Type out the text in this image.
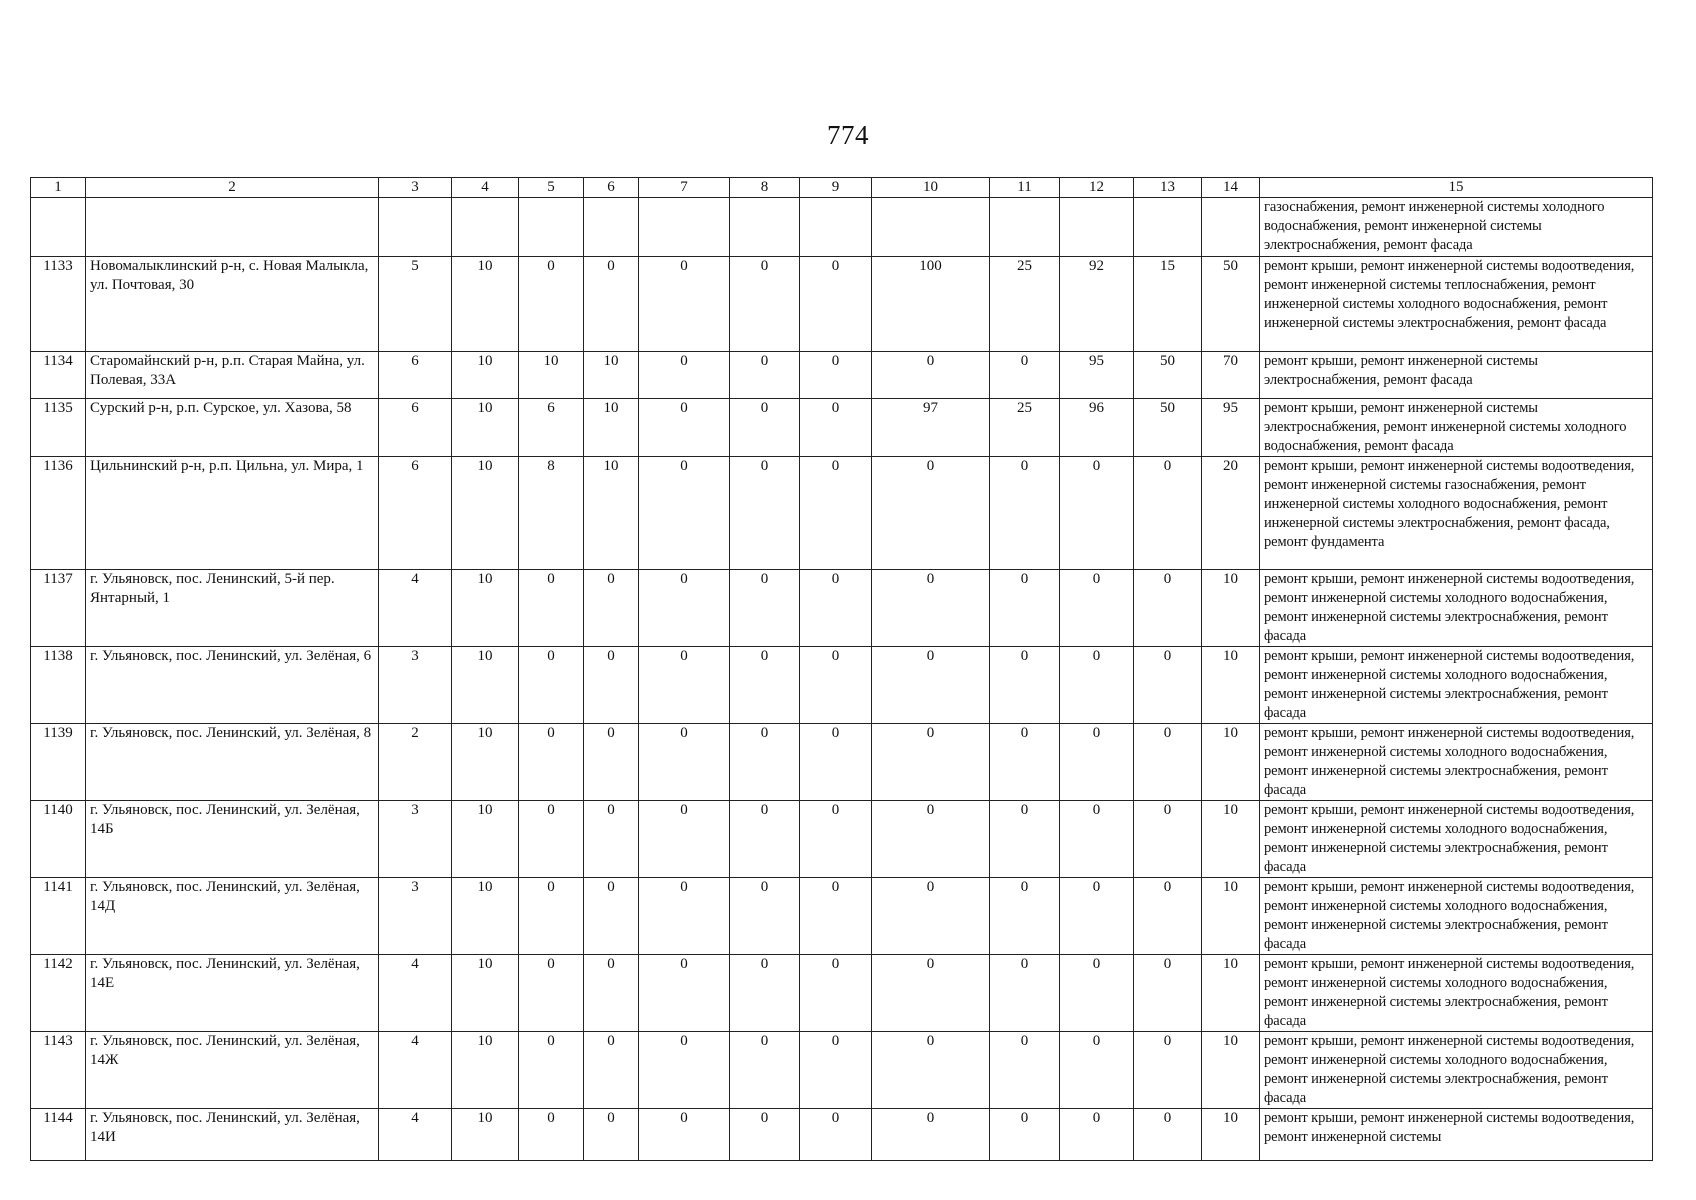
774
1	2	3	4	5	6	7	8	9	10	11	12	13	14	15
														газоснабжения, ремонт инженерной системы холодного водоснабжения, ремонт инженерной системы электроснабжения, ремонт фасада
1133	Новомалыклинский р-н, с. Новая Малыкла, ул. Почтовая, 30	5	10	0	0	0	0	0	100	25	92	15	50	ремонт крыши, ремонт инженерной системы водоотведения, ремонт инженерной системы теплоснабжения, ремонт инженерной системы холодного водоснабжения, ремонт инженерной системы электроснабжения, ремонт фасада
1134	Старомайнский р-н, р.п. Старая Майна, ул. Полевая, 33А	6	10	10	10	0	0	0	0	0	95	50	70	ремонт крыши, ремонт инженерной системы электроснабжения, ремонт фасада
1135	Сурский р-н, р.п. Сурское, ул. Хазова, 58	6	10	6	10	0	0	0	97	25	96	50	95	ремонт крыши, ремонт инженерной системы электроснабжения, ремонт инженерной системы холодного водоснабжения, ремонт фасада
1136	Цильнинский р-н, р.п. Цильна, ул. Мира, 1	6	10	8	10	0	0	0	0	0	0	0	20	ремонт крыши, ремонт инженерной системы водоотведения, ремонт инженерной системы газоснабжения, ремонт инженерной системы холодного водоснабжения, ремонт инженерной системы электроснабжения, ремонт фасада, ремонт фундамента
1137	г. Ульяновск, пос. Ленинский, 5-й пер. Янтарный, 1	4	10	0	0	0	0	0	0	0	0	0	10	ремонт крыши, ремонт инженерной системы водоотведения, ремонт инженерной системы холодного водоснабжения, ремонт инженерной системы электроснабжения, ремонт фасада
1138	г. Ульяновск, пос. Ленинский, ул. Зелёная, 6	3	10	0	0	0	0	0	0	0	0	0	10	ремонт крыши, ремонт инженерной системы водоотведения, ремонт инженерной системы холодного водоснабжения, ремонт инженерной системы электроснабжения, ремонт фасада
1139	г. Ульяновск, пос. Ленинский, ул. Зелёная, 8	2	10	0	0	0	0	0	0	0	0	0	10	ремонт крыши, ремонт инженерной системы водоотведения, ремонт инженерной системы холодного водоснабжения, ремонт инженерной системы электроснабжения, ремонт фасада
1140	г. Ульяновск, пос. Ленинский, ул. Зелёная, 14Б	3	10	0	0	0	0	0	0	0	0	0	10	ремонт крыши, ремонт инженерной системы водоотведения, ремонт инженерной системы холодного водоснабжения, ремонт инженерной системы электроснабжения, ремонт фасада
1141	г. Ульяновск, пос. Ленинский, ул. Зелёная, 14Д	3	10	0	0	0	0	0	0	0	0	0	10	ремонт крыши, ремонт инженерной системы водоотведения, ремонт инженерной системы холодного водоснабжения, ремонт инженерной системы электроснабжения, ремонт фасада
1142	г. Ульяновск, пос. Ленинский, ул. Зелёная, 14Е	4	10	0	0	0	0	0	0	0	0	0	10	ремонт крыши, ремонт инженерной системы водоотведения, ремонт инженерной системы холодного водоснабжения, ремонт инженерной системы электроснабжения, ремонт фасада
1143	г. Ульяновск, пос. Ленинский, ул. Зелёная, 14Ж	4	10	0	0	0	0	0	0	0	0	0	10	ремонт крыши, ремонт инженерной системы водоотведения, ремонт инженерной системы холодного водоснабжения, ремонт инженерной системы электроснабжения, ремонт фасада
1144	г. Ульяновск, пос. Ленинский, ул. Зелёная, 14И	4	10	0	0	0	0	0	0	0	0	0	10	ремонт крыши, ремонт инженерной системы водоотведения, ремонт инженерной системы
